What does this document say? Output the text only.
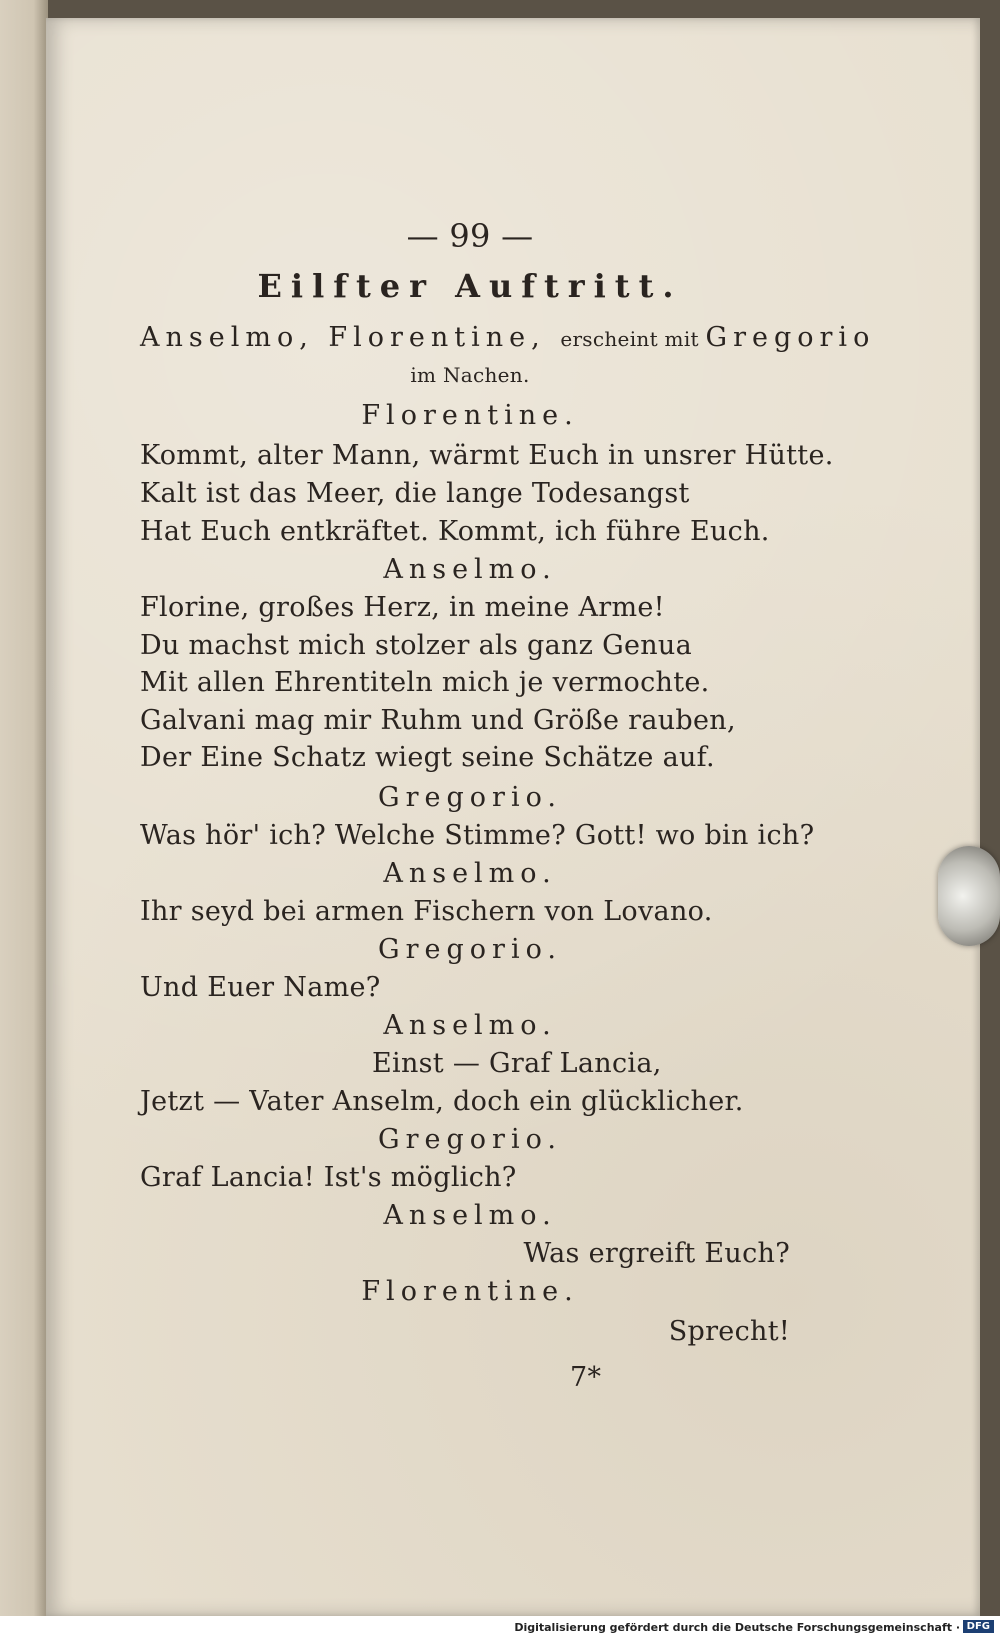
— 99 —
Eilfter Auftritt.
Anselmo, Florentine, erscheint mit Gregorio
im Nachen.
Florentine.
Kommt, alter Mann, wärmt Euch in unsrer Hütte.
Kalt ist das Meer, die lange Todesangst
Hat Euch entkräftet. Kommt, ich führe Euch.
Anselmo.
Florine, großes Herz, in meine Arme!
Du machst mich stolzer als ganz Genua
Mit allen Ehrentiteln mich je vermochte.
Galvani mag mir Ruhm und Größe rauben,
Der Eine Schatz wiegt seine Schätze auf.
Gregorio.
Was hör' ich? Welche Stimme? Gott! wo bin ich?
Anselmo.
Ihr seyd bei armen Fischern von Lovano.
Gregorio.
Und Euer Name?
Anselmo.
Einst — Graf Lancia,
Jetzt — Vater Anselm, doch ein glücklicher.
Gregorio.
Graf Lancia! Ist's möglich?
Anselmo.
Was ergreift Euch?
Florentine.
Sprecht!
7*
Digitalisierung gefördert durch die Deutsche Forschungsgemeinschaft · DFG
